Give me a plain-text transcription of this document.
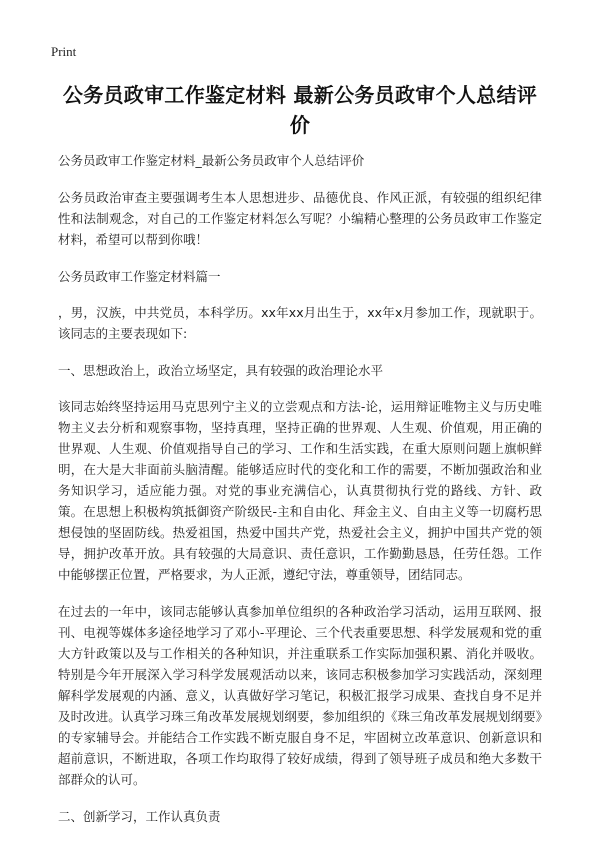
Print
公务员政审工作鉴定材料 最新公务员政审个人总结评价

公务员政审工作鉴定材料_最新公务员政审个人总结评价

公务员政治审查主要强调考生本人思想进步、品德优良、作风正派，有较强的组织纪律性和法制观念，对自己的工作鉴定材料怎么写呢？小编精心整理的公务员政审工作鉴定材料，希望可以帮到你哦！

公务员政审工作鉴定材料篇一

，男，汉族，中共党员，本科学历。xx年xx月出生于，xx年x月参加工作，现就职于。该同志的主要表现如下:

一、思想政治上，政治立场坚定，具有较强的政治理论水平

该同志始终坚持运用马克思列宁主义的立尝观点和方法-论，运用辩证唯物主义与历史唯物主义去分析和观察事物，坚持真理，坚持正确的世界观、人生观、价值观，用正确的世界观、人生观、价值观指导自己的学习、工作和生活实践，在重大原则问题上旗帜鲜明，在大是大非面前头脑清醒。能够适应时代的变化和工作的需要，不断加强政治和业务知识学习，适应能力强。对党的事业充满信心，认真贯彻执行党的路线、方针、政策。在思想上积极构筑抵御资产阶级民-主和自由化、拜金主义、自由主义等一切腐朽思想侵蚀的坚固防线。热爱祖国，热爱中国共产党，热爱社会主义，拥护中国共产党的领导，拥护改革开放。具有较强的大局意识、责任意识，工作勤勤恳恳，任劳任怨。工作中能够摆正位置，严格要求，为人正派，遵纪守法，尊重领导，团结同志。

在过去的一年中，该同志能够认真参加单位组织的各种政治学习活动，运用互联网、报刊、电视等媒体多途径地学习了邓小-平理论、三个代表重要思想、科学发展观和党的重大方针政策以及与工作相关的各种知识，并注重联系工作实际加强积累、消化并吸收。特别是今年开展深入学习科学发展观活动以来，该同志积极参加学习实践活动，深刻理解科学发展观的内涵、意义，认真做好学习笔记，积极汇报学习成果、查找自身不足并及时改进。认真学习珠三角改革发展规划纲要，参加组织的《珠三角改革发展规划纲要》的专家辅导会。并能结合工作实践不断克服自身不足，牢固树立改革意识、创新意识和超前意识，不断进取，各项工作均取得了较好成绩，得到了领导班子成员和绝大多数干部群众的认可。

二、创新学习，工作认真负责
